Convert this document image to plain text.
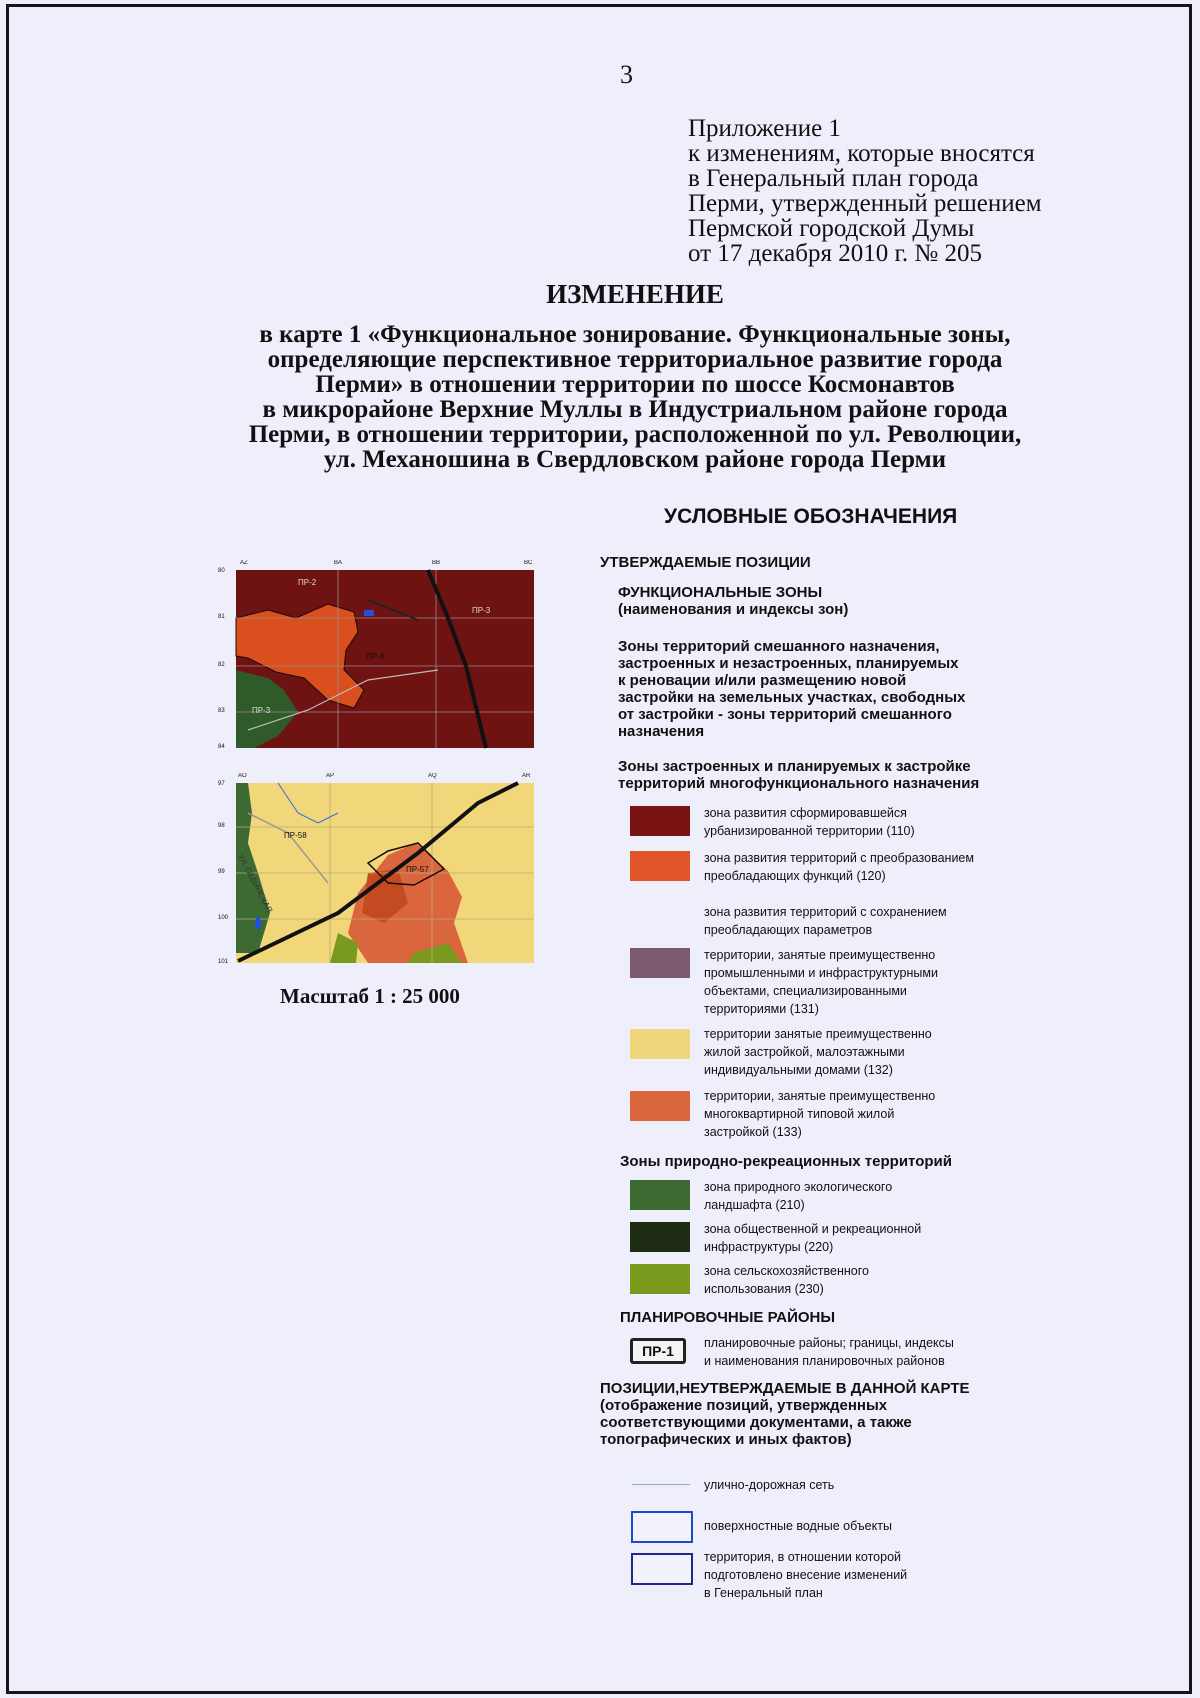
3
Приложение 1
к изменениям, которые вносятся
в Генеральный план города
Перми, утвержденный решением
Пермской городской Думы
от 17 декабря 2010 г. № 205
ИЗМЕНЕНИЕ
в карте 1 «Функциональное зонирование. Функциональные зоны,
определяющие перспективное территориальное развитие города
Перми» в отношении территории по шоссе Космонавтов
в микрорайоне Верхние Муллы в Индустриальном районе города
Перми, в отношении территории, расположенной по ул. Революции,
ул. Механошина в Свердловском районе города Перми
AZ	BA	BB	BC
80
81
82
83
84
ПР-2
ПР-3
ПР-4
ПР-3
AO	AP	AQ	AR
97
98
99
100
101
ПР-58
ПР-57
УЛ. ОБВИНСКАЯ
Масштаб 1 : 25 000
УСЛОВНЫЕ ОБОЗНАЧЕНИЯ
УТВЕРЖДАЕМЫЕ ПОЗИЦИИ
ФУНКЦИОНАЛЬНЫЕ ЗОНЫ
(наименования и индексы зон)
Зоны территорий смешанного назначения,
застроенных и незастроенных, планируемых
к реновации и/или размещению новой
застройки на земельных участках, свободных
от застройки - зоны территорий смешанного
назначения
Зоны застроенных и планируемых к застройке
территорий многофункционального назначения
зона развития сформировавшейся
урбанизированной территории (110)
зона развития территорий с преобразованием
преобладающих функций (120)
зона развития территорий с сохранением
преобладающих параметров
территории, занятые преимущественно
промышленными и инфраструктурными
объектами, специализированными
территориями (131)
территории занятые преимущественно
жилой застройкой, малоэтажными
индивидуальными домами (132)
территории, занятые преимущественно
многоквартирной типовой жилой
застройкой (133)
Зоны природно-рекреационных территорий
зона природного экологического
ландшафта (210)
зона общественной и рекреационной
инфраструктуры (220)
зона сельскохозяйственного
использования (230)
ПЛАНИРОВОЧНЫЕ РАЙОНЫ
ПР-1 планировочные районы; границы, индексы
и наименования планировочных районов
ПОЗИЦИИ,НЕУТВЕРЖДАЕМЫЕ В ДАННОЙ КАРТЕ
(отображение позиций, утвержденных
соответствующими документами, а также
топографических и иных фактов)
улично-дорожная сеть
поверхностные водные объекты
территория, в отношении которой
подготовлено внесение изменений
в Генеральный план
